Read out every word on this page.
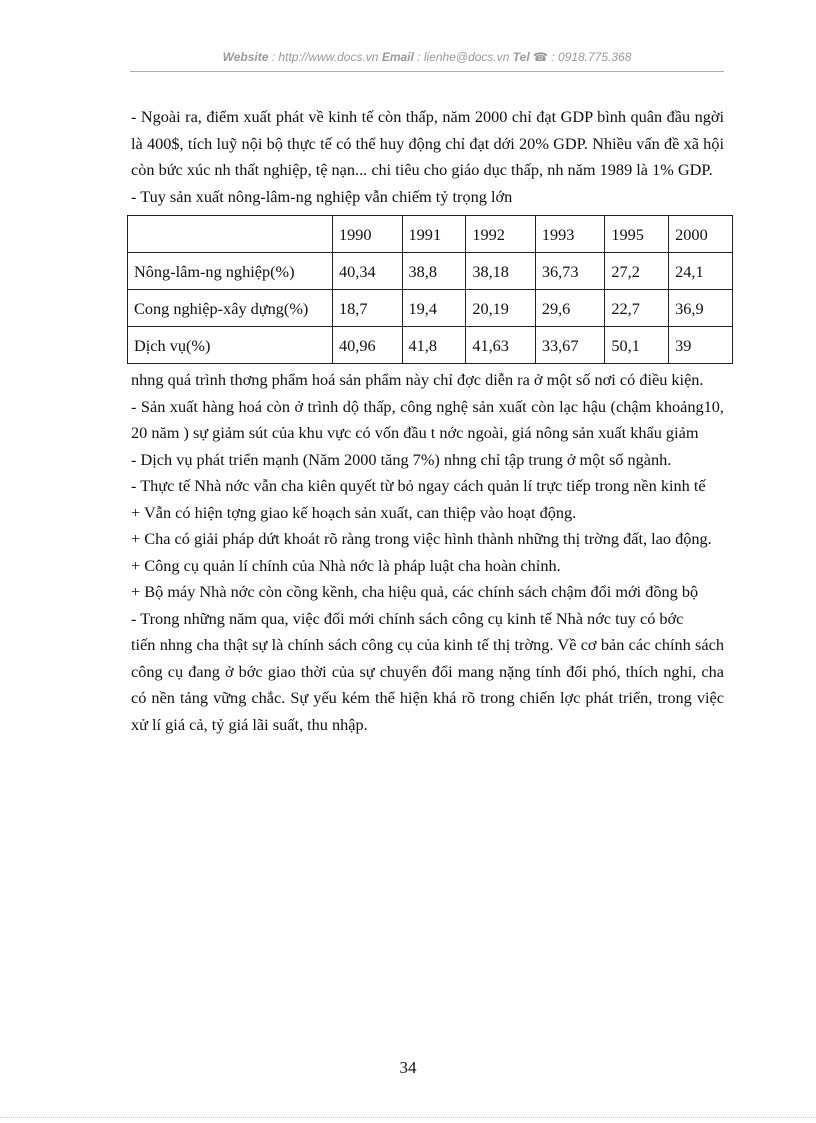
Website : http://www.docs.vn Email : lienhe@docs.vn Tel ☎ : 0918.775.368

- Ngoài ra, điểm xuất phát về kinh tế còn thấp, năm 2000 chỉ đạt GDP bình quân đầu ngời là 400$, tích luỹ nội bộ thực tế có thể huy động chỉ đạt dới 20% GDP. Nhiều vấn đề xã hội còn bức xúc nh thất nghiệp, tệ nạn... chi tiêu cho giáo dục thấp, nh năm 1989 là 1% GDP.

- Tuy sản xuất nông-lâm-ng nghiệp vẫn chiếm tỷ trọng lớn

	1990	1991	1992	1993	1995	2000
Nông-lâm-ng nghiệp(%)	40,34	38,8	38,18	36,73	27,2	24,1
Cong nghiệp-xây dựng(%)	18,7	19,4	20,19	29,6	22,7	36,9
Dịch vụ(%)	40,96	41,8	41,63	33,67	50,1	39

nhng quá trình thơng phẩm hoá sản phẩm này chỉ đợc diễn ra ở một số nơi có điều kiện.

- Sản xuất hàng hoá còn ở trình dộ thấp, công nghệ sản xuất còn lạc hậu (chậm khoảng10, 20 năm ) sự giảm sút của khu vực có vốn đầu t nớc ngoài, giá nông sản xuất khẩu giảm

- Dịch vụ phát triển mạnh (Năm 2000 tăng 7%) nhng chỉ tập trung ở một số ngành.

- Thực tế Nhà nớc vẫn cha kiên quyết từ bỏ ngay cách quản lí trực tiếp trong nền kinh tế

+ Vẫn có hiện tợng giao kế hoạch sản xuất, can thiệp vào hoạt động.

+ Cha có giải pháp dứt khoát rõ ràng trong việc hình thành những thị trờng đất, lao động.

+ Công cụ quản lí chính của Nhà nớc là pháp luật cha hoàn chỉnh.

+ Bộ máy Nhà nớc còn cồng kềnh, cha hiệu quả, các chính sách chậm đổi mới đồng bộ

- Trong những năm qua, việc đổi mới chính sách công cụ kinh tế Nhà nớc tuy có bớc

tiến nhng cha thật sự là chính sách công cụ của kinh tế thị trờng. Về cơ bản các chính sách công cụ đang ở bớc giao thời của sự chuyển đổi mang nặng tính đối phó, thích nghi, cha có nền tảng vững chắc. Sự yếu kém thể hiện khá rõ trong chiến lợc phát triển, trong việc xử lí giá cả, tỷ giá lãi suất, thu nhập.

34
